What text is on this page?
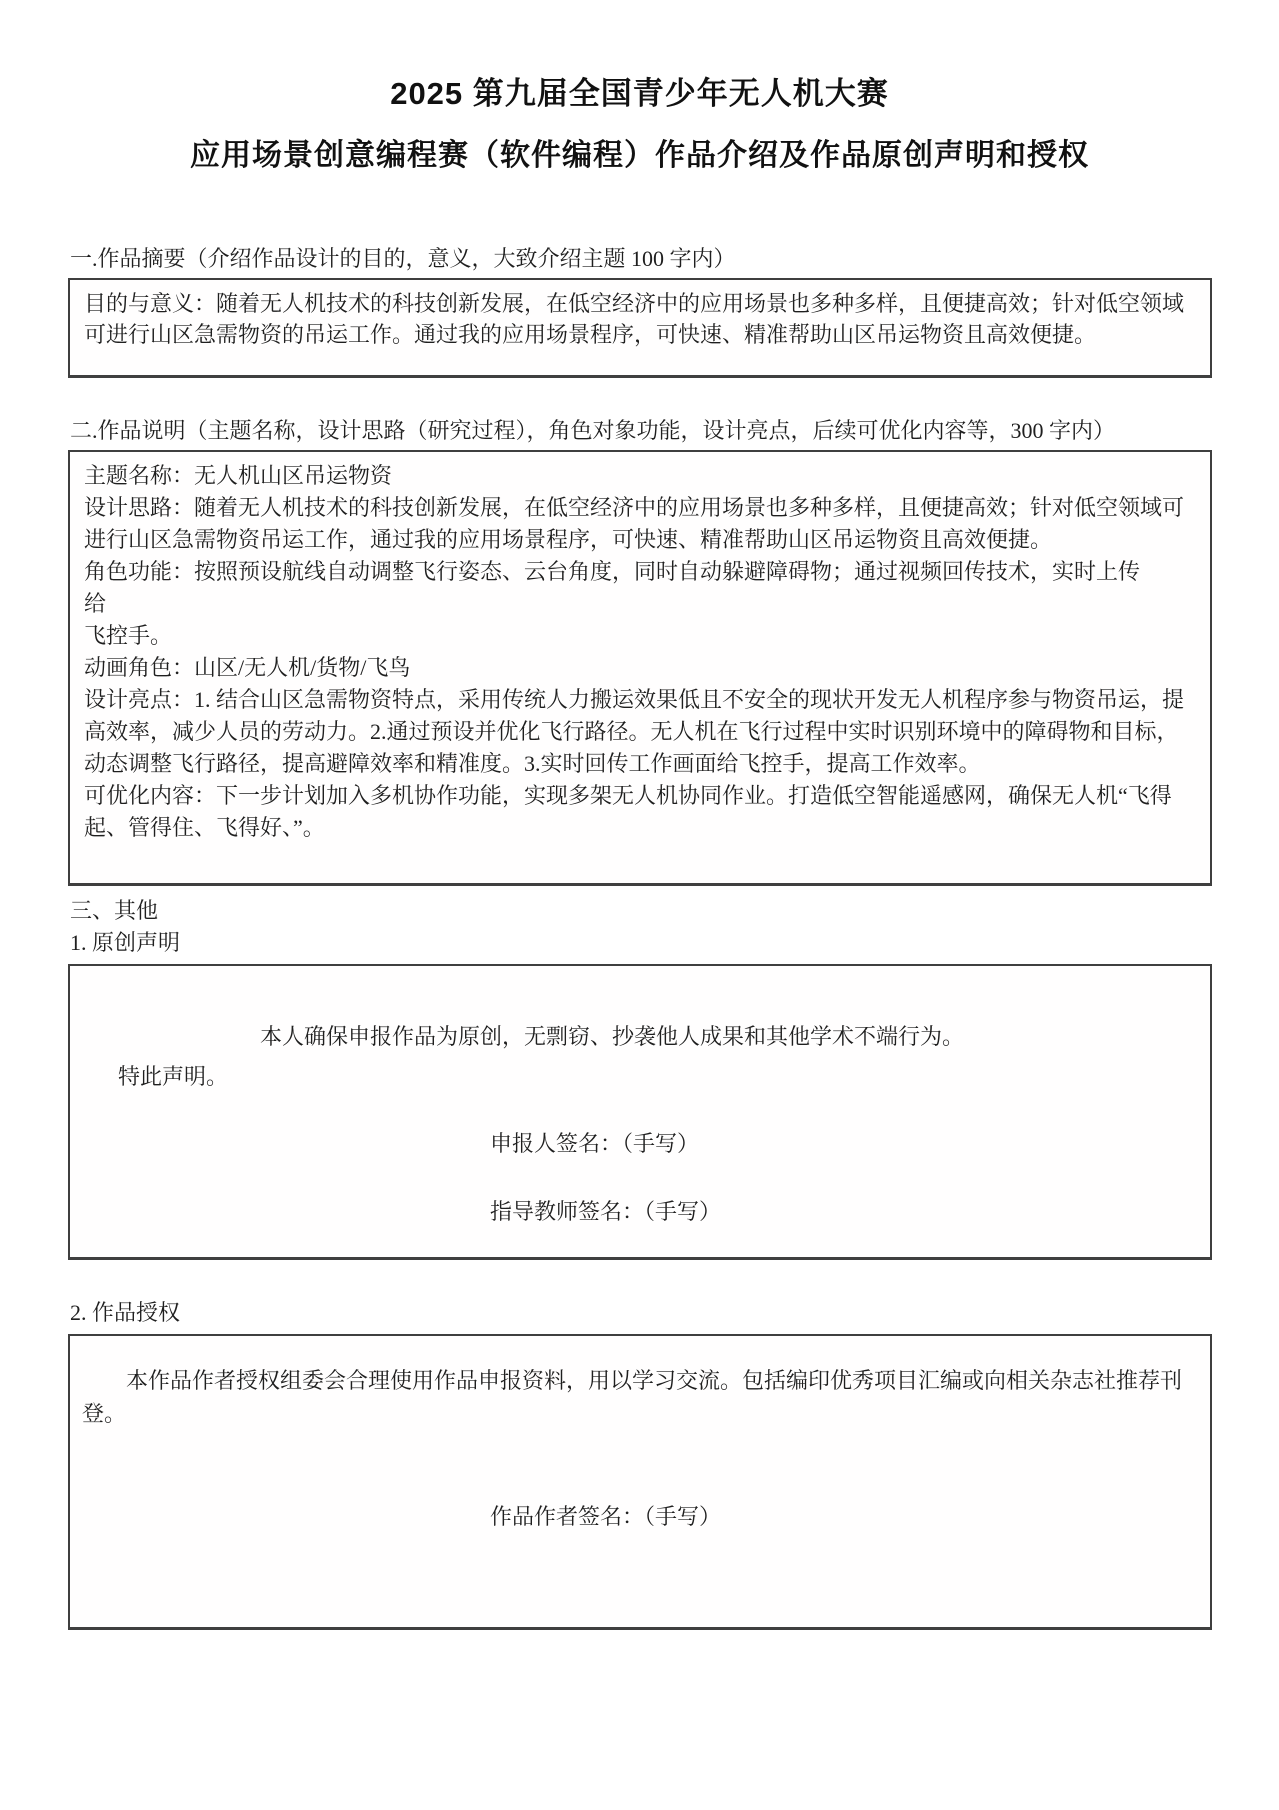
2025 第九届全国青少年无人机大赛
应用场景创意编程赛（软件编程）作品介绍及作品原创声明和授权
一.作品摘要（介绍作品设计的目的，意义，大致介绍主题 100 字内）

目的与意义：随着无人机技术的科技创新发展，在低空经济中的应用场景也多种多样，且便捷高效；针对低空领域可进行山区急需物资的吊运工作。通过我的应用场景程序，可快速、精准帮助山区吊运物资且高效便捷。

二.作品说明（主题名称，设计思路（研究过程），角色对象功能，设计亮点，后续可优化内容等，300 字内）

主题名称：无人机山区吊运物资

设计思路：随着无人机技术的科技创新发展，在低空经济中的应用场景也多种多样，且便捷高效；针对低空领域可进行山区急需物资吊运工作，通过我的应用场景程序，可快速、精准帮助山区吊运物资且高效便捷。

角色功能：按照预设航线自动调整飞行姿态、云台角度，同时自动躲避障碍物；通过视频回传技术，实时上传

给

飞控手。

动画角色：山区/无人机/货物/飞鸟

设计亮点：1. 结合山区急需物资特点，采用传统人力搬运效果低且不安全的现状开发无人机程序参与物资吊运，提高效率，减少人员的劳动力。2.通过预设并优化飞行路径。无人机在飞行过程中实时识别环境中的障碍物和目标，动态调整飞行路径，提高避障效率和精准度。3.实时回传工作画面给飞控手，提高工作效率。

可优化内容：下一步计划加入多机协作功能，实现多架无人机协同作业。打造低空智能遥感网，确保无人机“飞得起、管得住、飞得好、”。

三、其他
1. 原创声明

本人确保申报作品为原创，无剽窃、抄袭他人成果和其他学术不端行为。

特此声明。

申报人签名：（手写）

指导教师签名：（手写）

2. 作品授权

本作品作者授权组委会合理使用作品申报资料，用以学习交流。包括编印优秀项目汇编或向相关杂志社推荐刊登。

作品作者签名：（手写）
